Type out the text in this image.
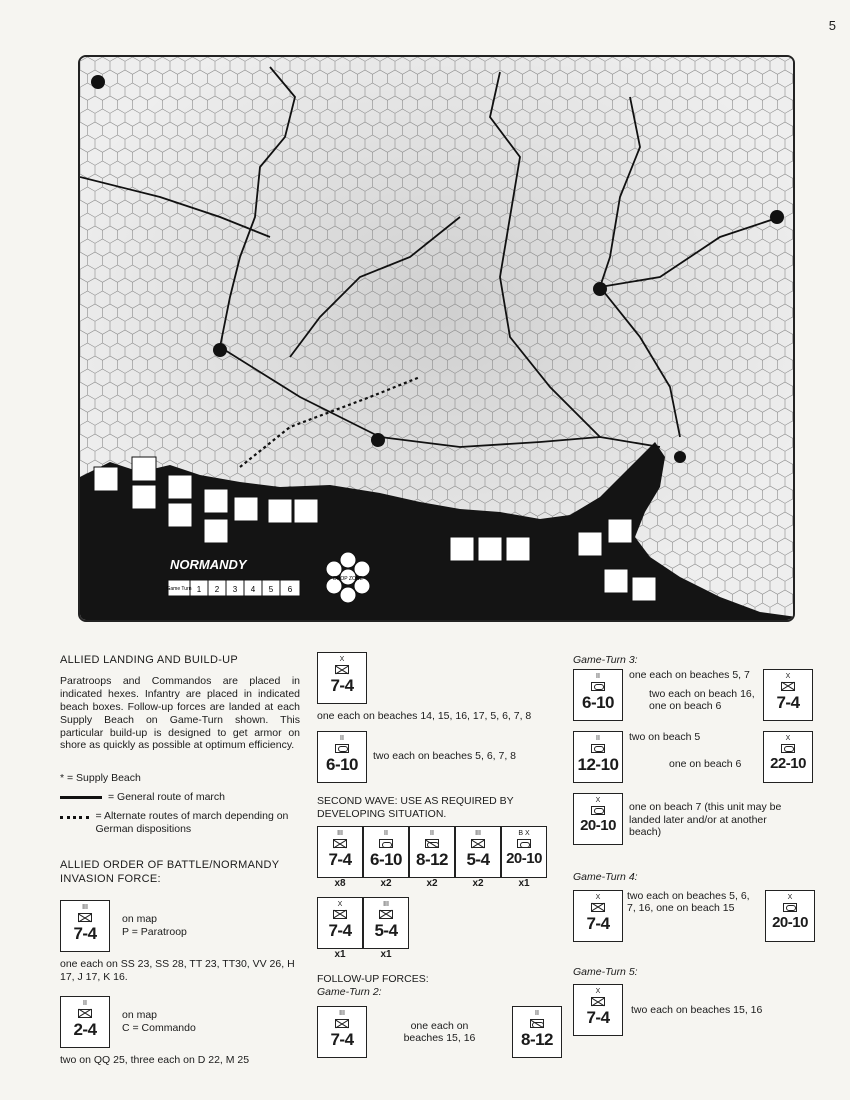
5
NORMANDY
DROP ZONE
Game Turn 1 2 3 4 5 6
ALLIED LANDING AND BUILD-UP
Paratroops and Commandos are placed in indicated hexes. Infantry are placed in indicated beach boxes. Follow-up forces are landed at each Supply Beach on Game-Turn shown. This particular build-up is designed to get armor on shore as quickly as possible at optimum efficiency.
* = Supply Beach
= General route of march
= Alternate routes of march depending on German dispositions
ALLIED ORDER OF BATTLE/NORMANDY INVASION FORCE:
III
7-4
on map
P = Paratroop
one each on SS 23, SS 28, TT 23, TT30, VV 26, H 17, J 17, K 16.
II
2-4
on map
C = Commando
two on QQ 25, three each on D 22, M 25
X
7-4
one each on beaches 14, 15, 16, 17, 5, 6, 7, 8
II
6-10	two each on beaches 5, 6, 7, 8
SECOND WAVE: USE AS REQUIRED BY DEVELOPING SITUATION.
III
7-4
x8
II
6-10
x2
II
8-12
x2
III
5-4
x2
B X
20-10
x1
X
7-4
x1
III
5-4
x1
FOLLOW-UP FORCES:
Game-Turn 2:
III
7-4
one each on beaches 15, 16
II
8-12
Game-Turn 3:
II
6-10
one each on beaches 5, 7
two each on beach 16, one on beach 6
X
7-4
II
12-10
two on beach 5
one on beach 6
X
22-10
X
20-10
one on beach 7 (this unit may be landed later and/or at another beach)
Game-Turn 4:
X
7-4
two each on beaches 5, 6, 7, 16, one on beach 15
X
20-10
Game-Turn 5:
X
7-4	two each on beaches 15, 16
